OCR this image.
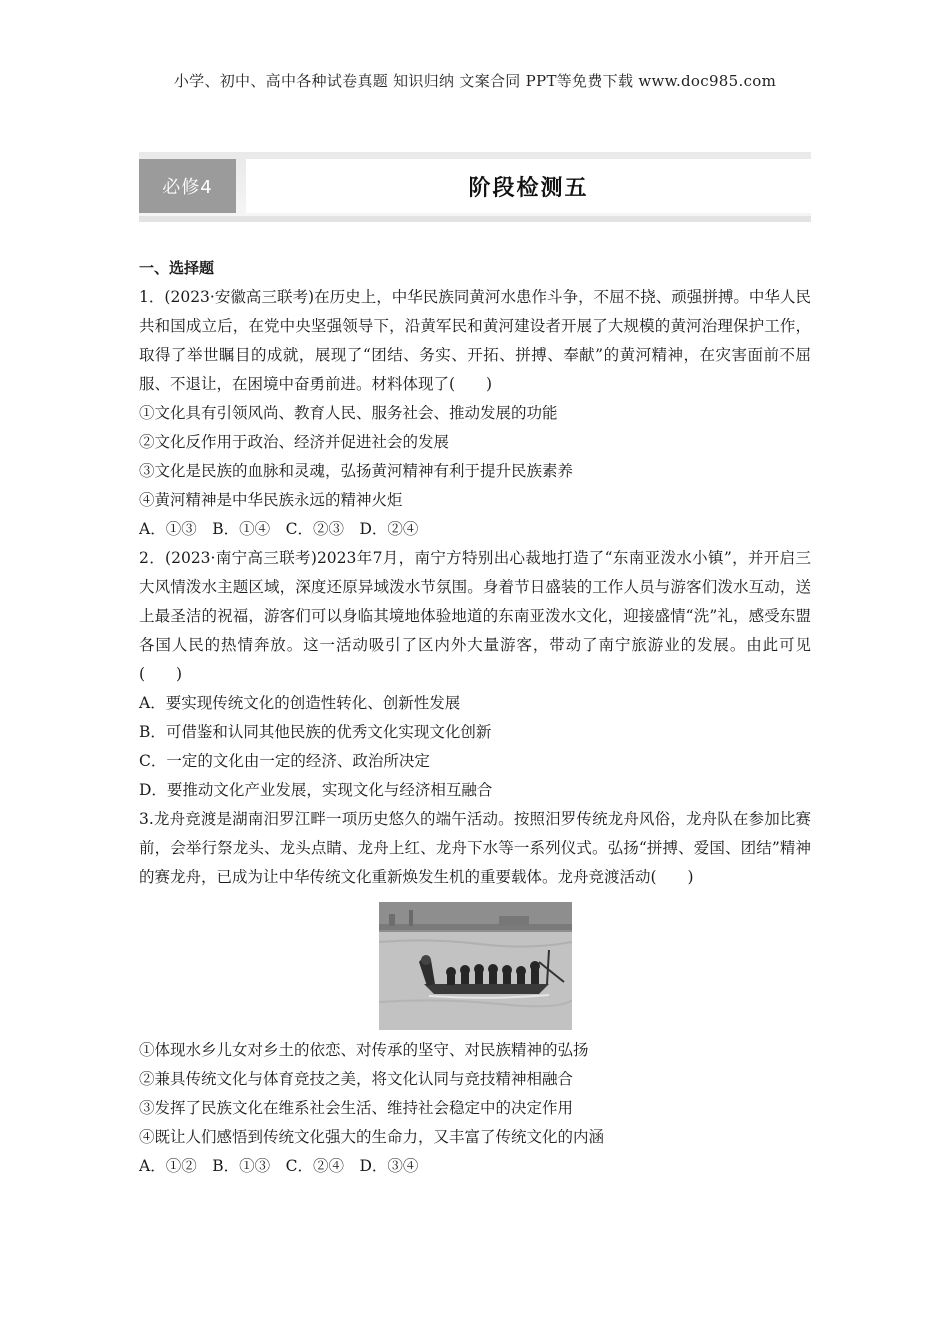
小学、初中、高中各种试卷真题 知识归纳 文案合同 PPT等免费下载 www.doc985.com
必修4	阶段检测五

一、选择题

1．(2023·安徽高三联考)在历史上，中华民族同黄河水患作斗争，不屈不挠、顽强拼搏。中华人民共和国成立后，在党中央坚强领导下，沿黄军民和黄河建设者开展了大规模的黄河治理保护工作，取得了举世瞩目的成就，展现了“团结、务实、开拓、拼搏、奉献”的黄河精神，在灾害面前不屈服、不退让，在困境中奋勇前进。材料体现了(　　)

①文化具有引领风尚、教育人民、服务社会、推动发展的功能

②文化反作用于政治、经济并促进社会的发展

③文化是民族的血脉和灵魂，弘扬黄河精神有利于提升民族素养

④黄河精神是中华民族永远的精神火炬

A．①③　B．①④　C．②③　D．②④

2．(2023·南宁高三联考)2023年7月，南宁方特别出心裁地打造了“东南亚泼水小镇”，并开启三大风情泼水主题区域，深度还原异域泼水节氛围。身着节日盛装的工作人员与游客们泼水互动，送上最圣洁的祝福，游客们可以身临其境地体验地道的东南亚泼水文化，迎接盛情“洗”礼，感受东盟各国人民的热情奔放。这一活动吸引了区内外大量游客，带动了南宁旅游业的发展。由此可见(　　)

A．要实现传统文化的创造性转化、创新性发展

B．可借鉴和认同其他民族的优秀文化实现文化创新

C．一定的文化由一定的经济、政治所决定

D．要推动文化产业发展，实现文化与经济相互融合

3.龙舟竞渡是湖南汨罗江畔一项历史悠久的端午活动。按照汨罗传统龙舟风俗，龙舟队在参加比赛前，会举行祭龙头、龙头点睛、龙舟上红、龙舟下水等一系列仪式。弘扬“拼搏、爱国、团结”精神的赛龙舟，已成为让中华传统文化重新焕发生机的重要载体。龙舟竞渡活动(　　)

①体现水乡儿女对乡土的依恋、对传承的坚守、对民族精神的弘扬

②兼具传统文化与体育竞技之美，将文化认同与竞技精神相融合

③发挥了民族文化在维系社会生活、维持社会稳定中的决定作用

④既让人们感悟到传统文化强大的生命力，又丰富了传统文化的内涵

A．①②　B．①③　C．②④　D．③④
